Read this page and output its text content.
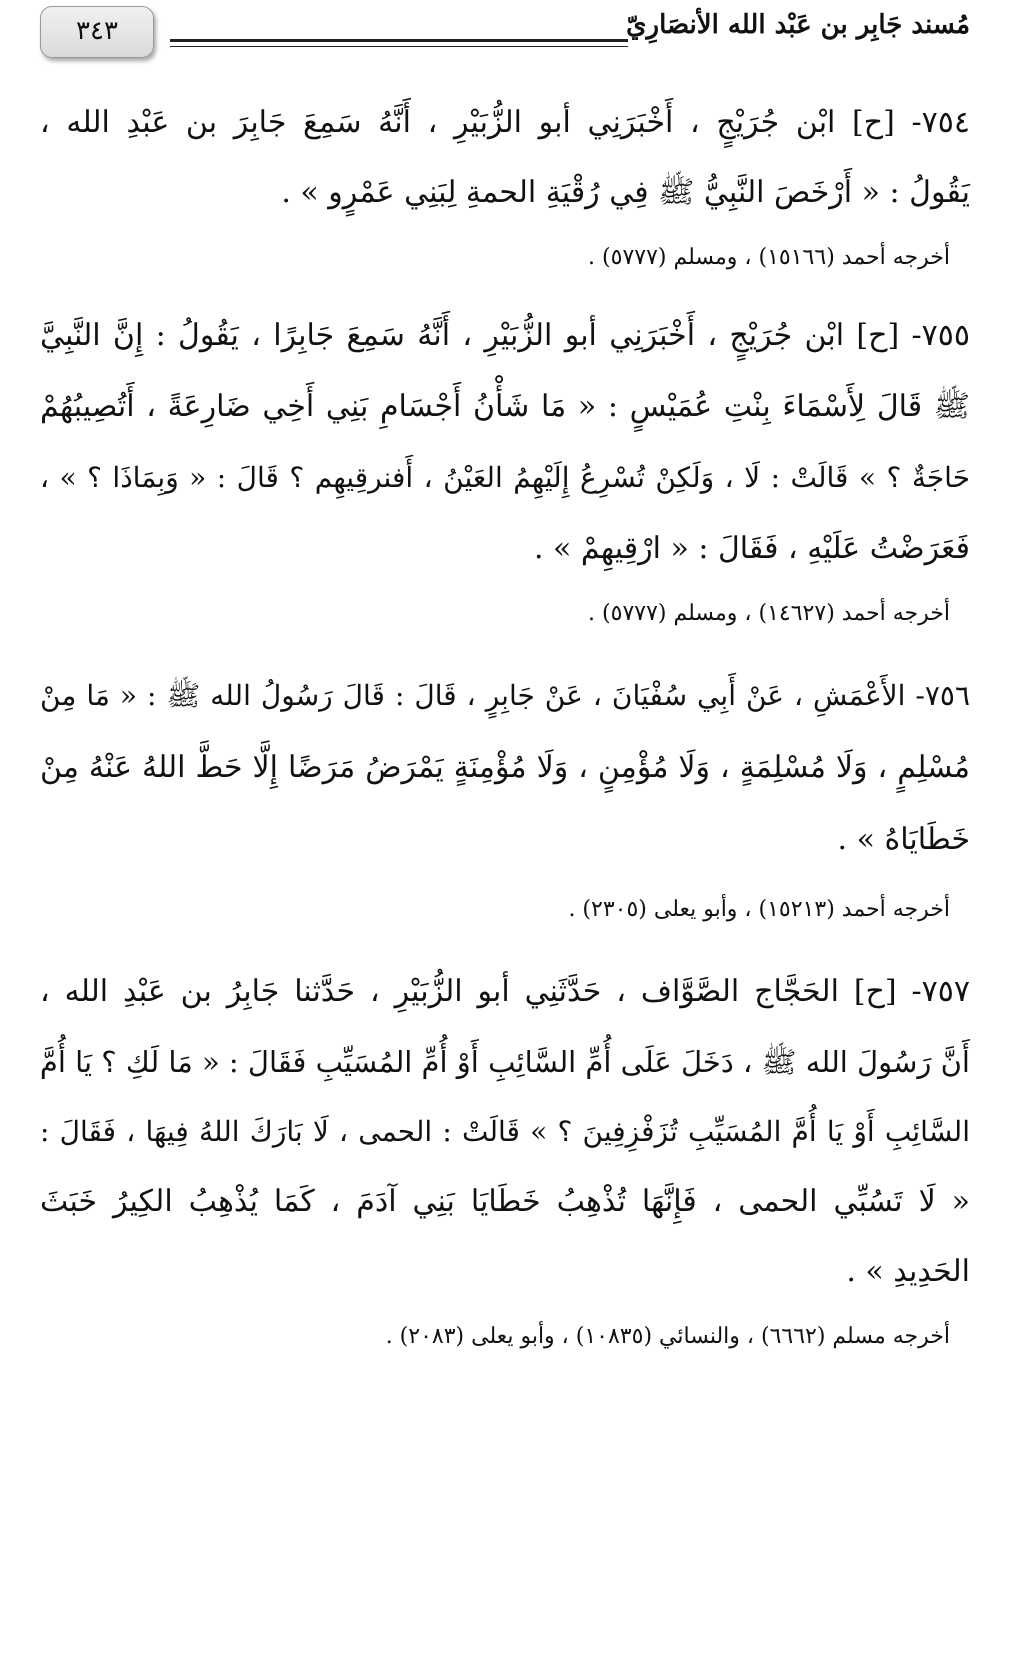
٣٤٣	مُسند جَابِر بن عَبْد الله الأنصَارِيّ
٧٥٤- [ح] ابْن جُرَيْجٍ ، أَخْبَرَنِي أبو الزُّبَيْرِ ، أَنَّهُ سَمِعَ جَابِرَ بن عَبْدِ الله ،
يَقُولُ : « أَرْخَصَ النَّبِيُّ ﷺ فِي رُقْيَةِ الحمةِ لِبَنِي عَمْرٍو » .
أخرجه أحمد (١٥١٦٦) ، ومسلم (٥٧٧٧) .
٧٥٥- [ح] ابْن جُرَيْجٍ ، أَخْبَرَنِي أبو الزُّبَيْرِ ، أَنَّهُ سَمِعَ جَابِرًا ، يَقُولُ : إِنَّ النَّبِيَّ
ﷺ قَالَ لِأَسْمَاءَ بِنْتِ عُمَيْسٍ : « مَا شَأْنُ أَجْسَامِ بَنِي أَخِي ضَارِعَةً ، أَتُصِيبُهُمْ
حَاجَةٌ ؟ » قَالَتْ : لَا ، وَلَكِنْ تُسْرِعُ إِلَيْهِمُ العَيْنُ ، أَفنرقِيهِم ؟ قَالَ : « وَبِمَاذَا ؟ » ،
فَعَرَضْتُ عَلَيْهِ ، فَقَالَ : « ارْقِيهِمْ » .
أخرجه أحمد (١٤٦٢٧) ، ومسلم (٥٧٧٧) .
٧٥٦- الأَعْمَشِ ، عَنْ أَبِي سُفْيَانَ ، عَنْ جَابِرٍ ، قَالَ : قَالَ رَسُولُ الله ﷺ : « مَا مِنْ
مُسْلِمٍ ، وَلَا مُسْلِمَةٍ ، وَلَا مُؤْمِنٍ ، وَلَا مُؤْمِنَةٍ يَمْرَضُ مَرَضًا إِلَّا حَطَّ اللهُ عَنْهُ مِنْ
خَطَايَاهُ » .
أخرجه أحمد (١٥٢١٣) ، وأبو يعلى (٢٣٠٥) .
٧٥٧- [ح] الحَجَّاج الصَّوَّاف ، حَدَّثَنِي أبو الزُّبَيْرِ ، حَدَّثنا جَابِرُ بن عَبْدِ الله ،
أَنَّ رَسُولَ الله ﷺ ، دَخَلَ عَلَى أُمِّ السَّائِبِ أَوْ أُمِّ المُسَيِّبِ فَقَالَ : « مَا لَكِ ؟ يَا أُمَّ
السَّائِبِ أَوْ يَا أُمَّ المُسَيِّبِ تُزَفْزِفِينَ ؟ » قَالَتْ : الحمى ، لَا بَارَكَ اللهُ فِيهَا ، فَقَالَ :
« لَا تَسُبِّي الحمى ، فَإِنَّهَا تُذْهِبُ خَطَايَا بَنِي آدَمَ ، كَمَا يُذْهِبُ الكِيرُ خَبَثَ
الحَدِيدِ » .
أخرجه مسلم (٦٦٦٢) ، والنسائي (١٠٨٣٥) ، وأبو يعلى (٢٠٨٣) .
